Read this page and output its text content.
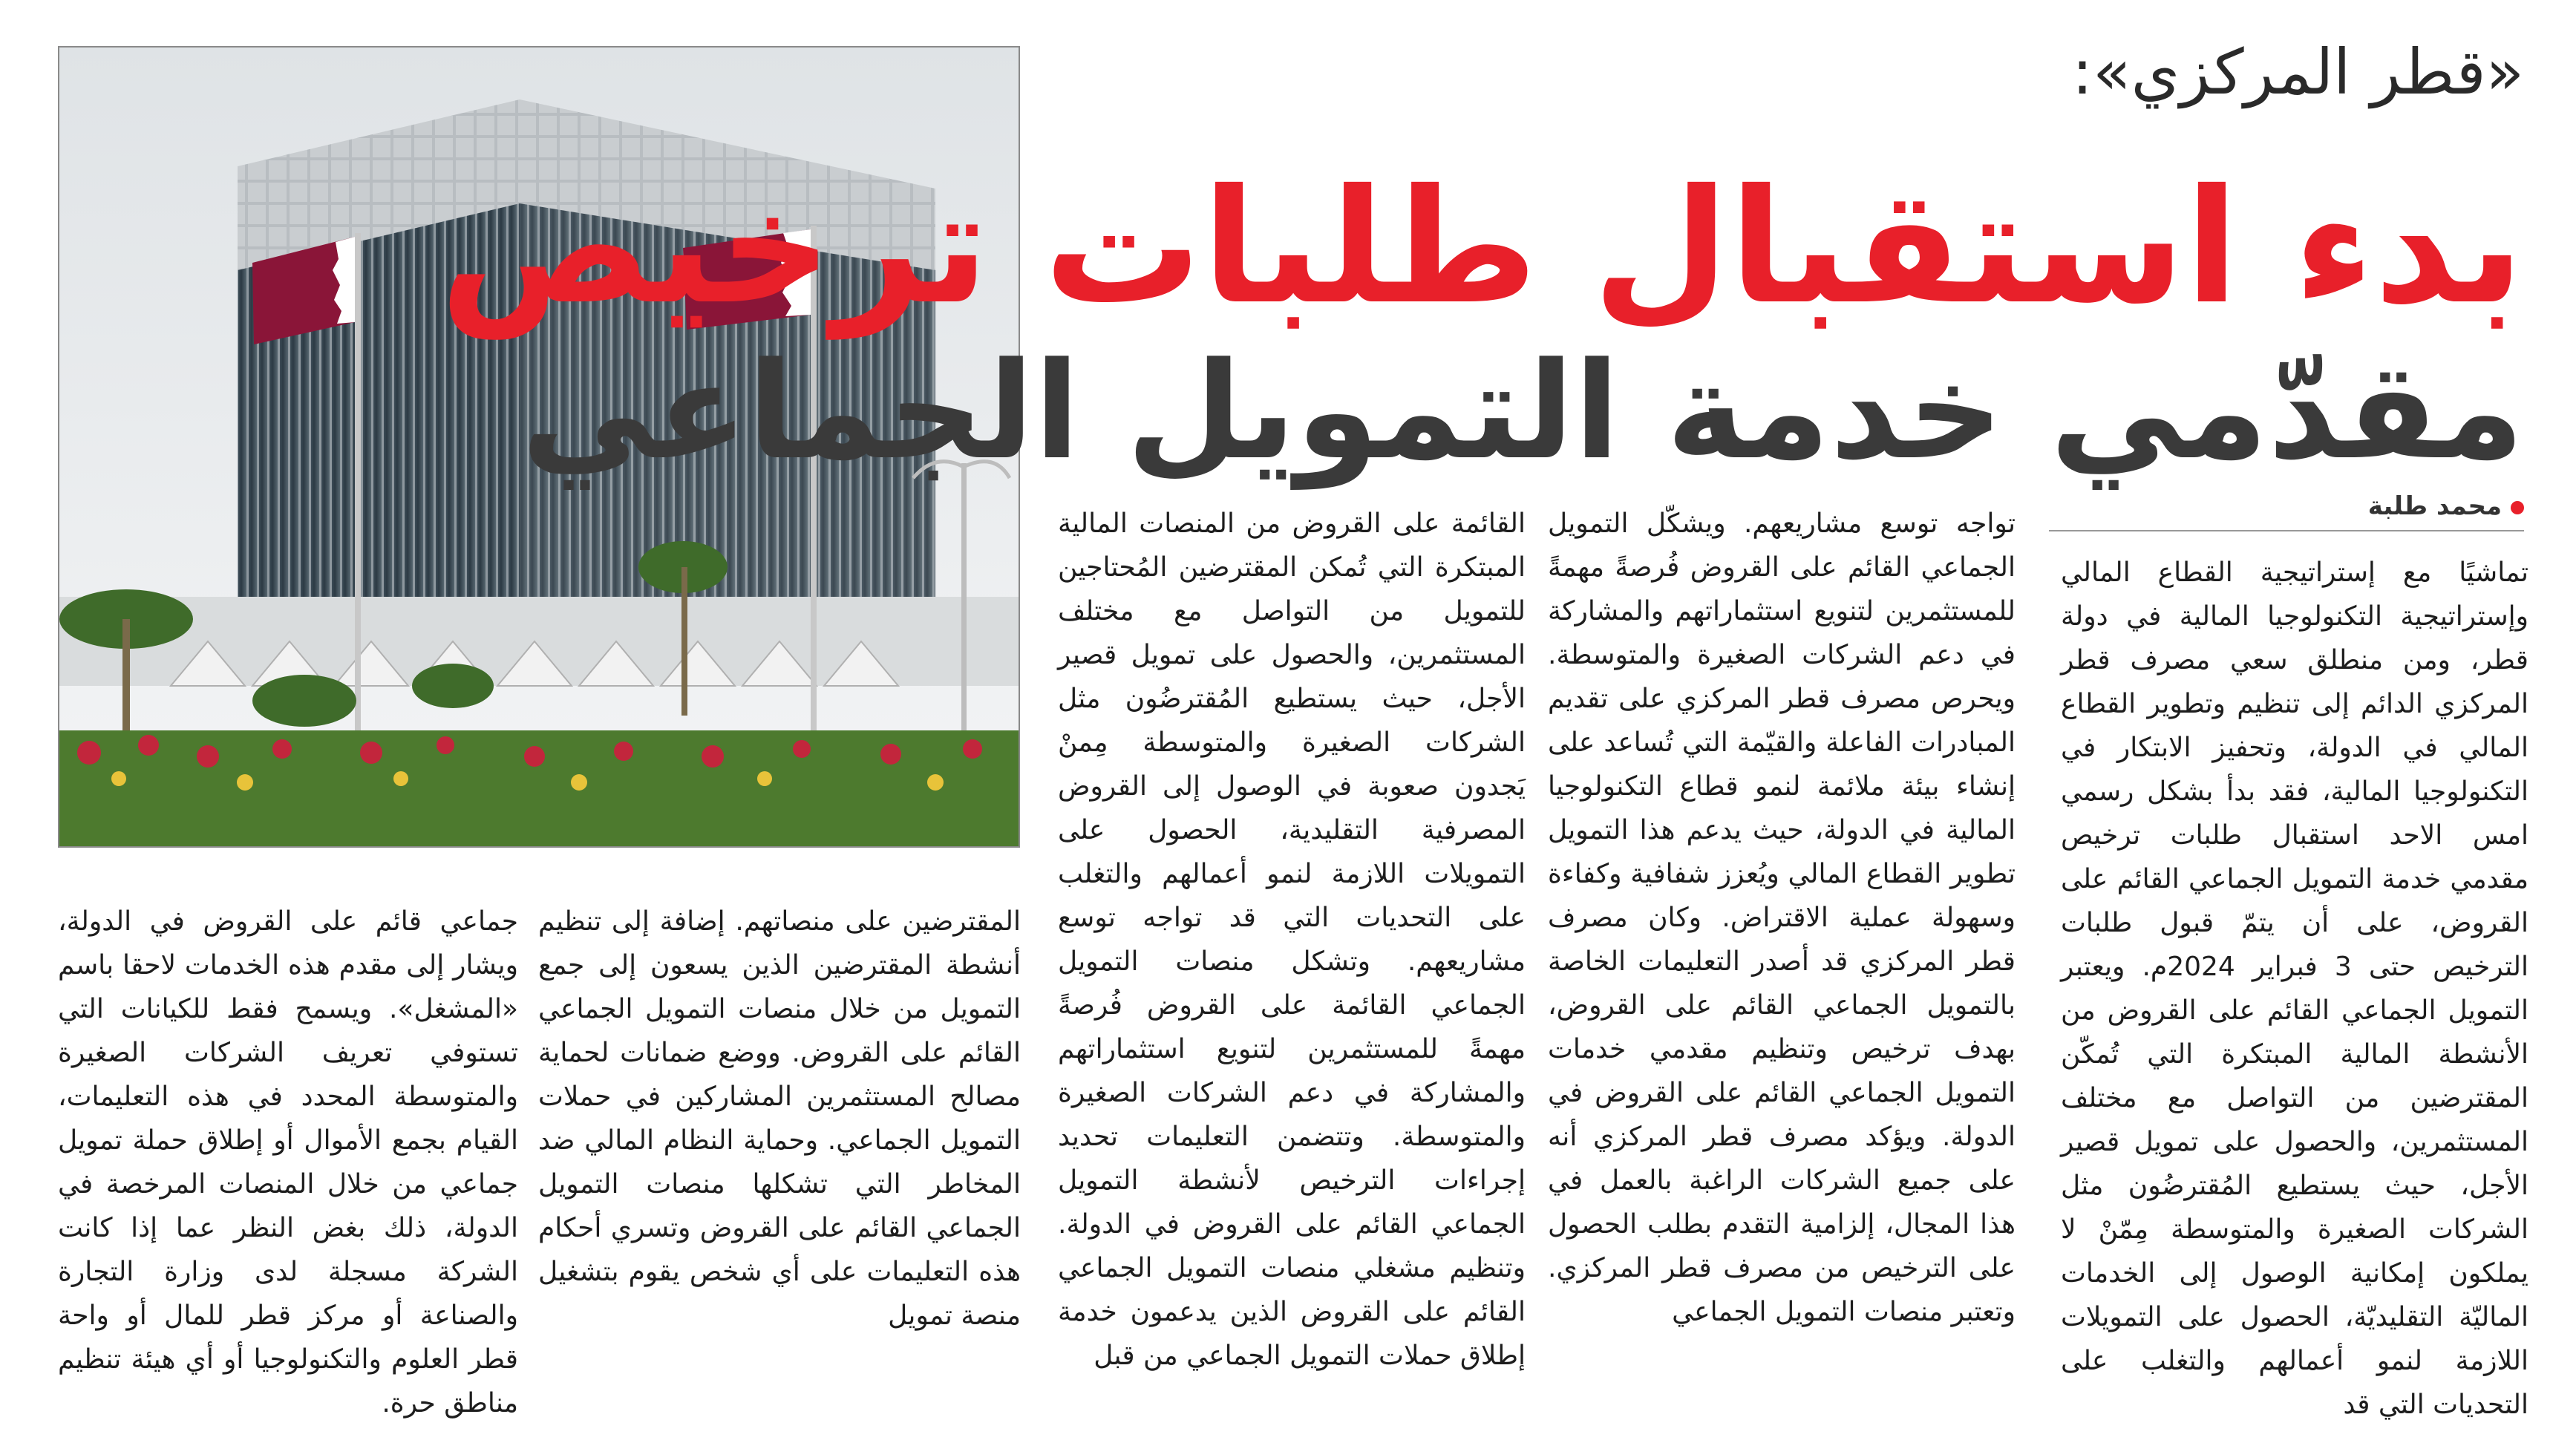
«قطر المركزي»:
بدء استقبال طلبات ترخيص
مقدّمي خدمة التمويل الجماعي
محمد طلبة

تماشيًا مع إستراتيجية القطاع المالي وإستراتيجية التكنولوجيا المالية في دولة قطر، ومن منطلق سعي مصرف قطر المركزي الدائم إلى تنظيم وتطوير القطاع المالي في الدولة، وتحفيز الابتكار في التكنولوجيا المالية، فقد بدأ بشكل رسمي امس الاحد استقبال طلبات ترخيص مقدمي خدمة التمويل الجماعي القائم على القروض، على أن يتمّ قبول طلبات الترخيص حتى 3 فبراير 2024م. ويعتبر التمويل الجماعي القائم على القروض من الأنشطة المالية المبتكرة التي تُمكّن المقترضين من التواصل مع مختلف المستثمرين، والحصول على تمويل قصير الأجل، حيث يستطيع المُقترضُون مثل الشركات الصغيرة والمتوسطة مِمّنْ لا يملكون إمكانية الوصول إلى الخدمات الماليّة التقليديّة، الحصول على التمويلات اللازمة لنمو أعمالهم والتغلب على التحديات التي قد

تواجه توسع مشاريعهم. ويشكّل التمويل الجماعي القائم على القروض فُرصةً مهمةً للمستثمرين لتنويع استثماراتهم والمشاركة في دعم الشركات الصغيرة والمتوسطة. ويحرص مصرف قطر المركزي على تقديم المبادرات الفاعلة والقيّمة التي تُساعد على إنشاء بيئة ملائمة لنمو قطاع التكنولوجيا المالية في الدولة، حيث يدعم هذا التمويل تطوير القطاع المالي ويُعزز شفافية وكفاءة وسهولة عملية الاقتراض. وكان مصرف قطر المركزي قد أصدر التعليمات الخاصة بالتمويل الجماعي القائم على القروض، بهدف ترخيص وتنظيم مقدمي خدمات التمويل الجماعي القائم على القروض في الدولة. ويؤكد مصرف قطر المركزي أنه على جميع الشركات الراغبة بالعمل في هذا المجال، إلزامية التقدم بطلب الحصول على الترخيص من مصرف قطر المركزي. وتعتبر منصات التمويل الجماعي

القائمة على القروض من المنصات المالية المبتكرة التي تُمكن المقترضين المُحتاجين للتمويل من التواصل مع مختلف المستثمرين، والحصول على تمويل قصير الأجل، حيث يستطيع المُقترضُون مثل الشركات الصغيرة والمتوسطة مِمنْ يَجدون صعوبة في الوصول إلى القروض المصرفية التقليدية، الحصول على التمويلات اللازمة لنمو أعمالهم والتغلب على التحديات التي قد تواجه توسع مشاريعهم. وتشكل منصات التمويل الجماعي القائمة على القروض فُرصةً مهمةً للمستثمرين لتنويع استثماراتهم والمشاركة في دعم الشركات الصغيرة والمتوسطة. وتتضمن التعليمات تحديد إجراءات الترخيص لأنشطة التمويل الجماعي القائم على القروض في الدولة. وتنظيم مشغلي منصات التمويل الجماعي القائم على القروض الذين يدعمون خدمة إطلاق حملات التمويل الجماعي من قبل

المقترضين على منصاتهم. إضافة إلى تنظيم أنشطة المقترضين الذين يسعون إلى جمع التمويل من خلال منصات التمويل الجماعي القائم على القروض. ووضع ضمانات لحماية مصالح المستثمرين المشاركين في حملات التمويل الجماعي. وحماية النظام المالي ضد المخاطر التي تشكلها منصات التمويل الجماعي القائم على القروض وتسري أحكام هذه التعليمات على أي شخص يقوم بتشغيل منصة تمويل

جماعي قائم على القروض في الدولة، ويشار إلى مقدم هذه الخدمات لاحقا باسم «المشغل». ويسمح فقط للكيانات التي تستوفي تعريف الشركات الصغيرة والمتوسطة المحدد في هذه التعليمات، القيام بجمع الأموال أو إطلاق حملة تمويل جماعي من خلال المنصات المرخصة في الدولة، ذلك بغض النظر عما إذا كانت الشركة مسجلة لدى وزارة التجارة والصناعة أو مركز قطر للمال أو واحة قطر العلوم والتكنولوجيا أو أي هيئة تنظيم مناطق حرة.
